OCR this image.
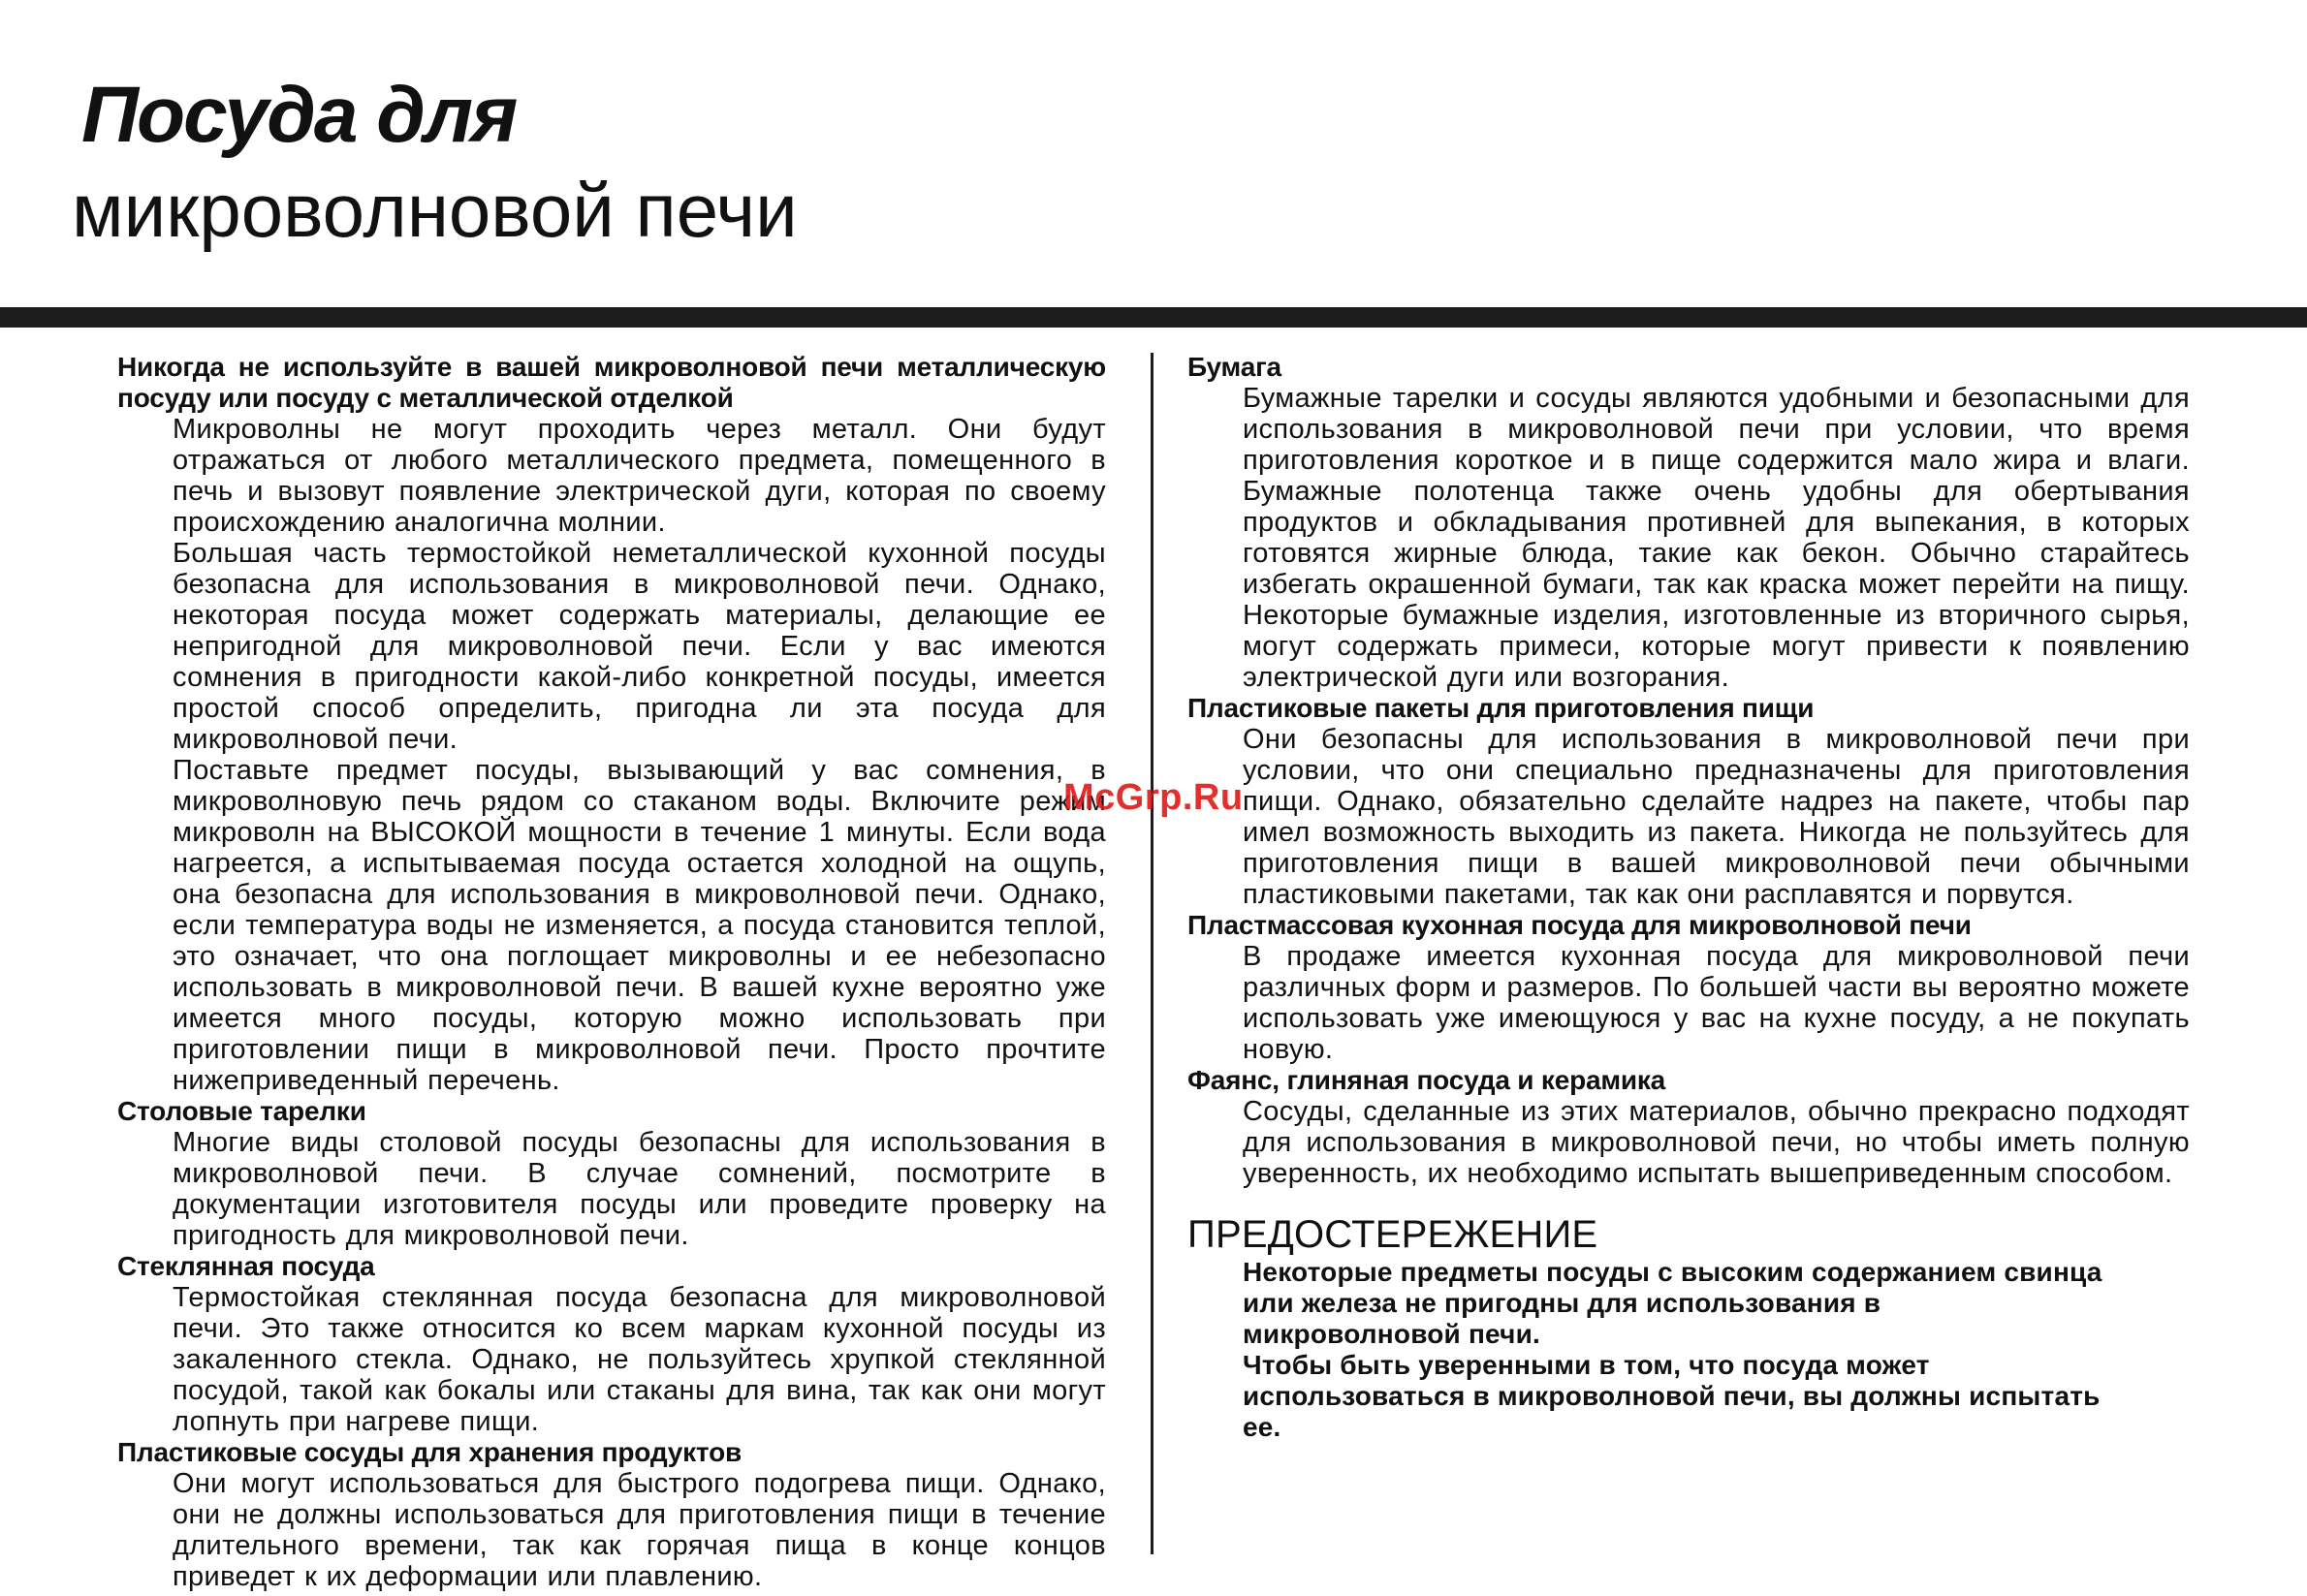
Посуда для
микроволновой печи

Никогда не используйте в вашей микроволновой печи металлическую посуду или посуду с металлической отделкой

Микроволны не могут проходить через металл. Они будут отражаться от любого металлического предмета, помещенного в печь и вызовут появление электрической дуги, которая по своему происхождению аналогична молнии.

Большая часть термостойкой неметаллической кухонной посуды безопасна для использования в микроволновой печи. Однако, некоторая посуда может содержать материалы, делающие ее непригодной для микроволновой печи. Если у вас имеются сомнения в пригодности какой-либо конкретной посуды, имеется простой способ определить, пригодна ли эта посуда для микроволновой печи.

Поставьте предмет посуды, вызывающий у вас сомнения, в микроволновую печь рядом со стаканом воды. Включите режим микроволн на ВЫСОКОЙ мощности в течение 1 минуты. Если вода нагреется, а испытываемая посуда остается холодной на ощупь, она безопасна для использования в микроволновой печи. Однако, если температура воды не изменяется, а посуда становится теплой, это означает, что она поглощает микроволны и ее небезопасно использовать в микроволновой печи. В вашей кухне вероятно уже имеется много посуды, которую можно использовать при приготовлении пищи в микроволновой печи. Просто прочтите нижеприведенный перечень.

Столовые тарелки

Многие виды столовой посуды безопасны для использования в микроволновой печи. В случае сомнений, посмотрите в документации изготовителя посуды или проведите проверку на пригодность для микроволновой печи.

Стеклянная посуда

Термостойкая стеклянная посуда безопасна для микроволновой печи. Это также относится ко всем маркам кухонной посуды из закаленного стекла. Однако, не пользуйтесь хрупкой стеклянной посудой, такой как бокалы или стаканы для вина, так как они могут лопнуть при нагреве пищи.

Пластиковые сосуды для хранения продуктов

Они могут использоваться для быстрого подогрева пищи. Однако, они не должны использоваться для приготовления пищи в течение длительного времени, так как горячая пища в конце концов приведет к их деформации или плавлению.

Бумага

Бумажные тарелки и сосуды являются удобными и безопасными для использования в микроволновой печи при условии, что время приготовления короткое и в пище содержится мало жира и влаги. Бумажные полотенца также очень удобны для обертывания продуктов и обкладывания противней для выпекания, в которых готовятся жирные блюда, такие как бекон. Обычно старайтесь избегать окрашенной бумаги, так как краска может перейти на пищу. Некоторые бумажные изделия, изготовленные из вторичного сырья, могут содержать примеси, которые могут привести к появлению электрической дуги или возгорания.

Пластиковые пакеты для приготовления пищи

Они безопасны для использования в микроволновой печи при условии, что они специально предназначены для приготовления пищи. Однако, обязательно сделайте надрез на пакете, чтобы пар имел возможность выходить из пакета. Никогда не пользуйтесь для приготовления пищи в вашей микроволновой печи обычными пластиковыми пакетами, так как они расплавятся и порвутся.

Пластмассовая кухонная посуда для микроволновой печи

В продаже имеется кухонная посуда для микроволновой печи различных форм и размеров. По большей части вы вероятно можете использовать уже имеющуюся у вас на кухне посуду, а не покупать новую.

Фаянс, глиняная посуда и керамика

Сосуды, сделанные из этих материалов, обычно прекрасно подходят для использования в микроволновой печи, но чтобы иметь полную уверенность, их необходимо испытать вышеприведенным способом.

ПРЕДОСТЕРЕЖЕНИЕ

Некоторые предметы посуды с высоким содержанием свинца или железа не пригодны для использования в микроволновой печи.

Чтобы быть уверенными в том, что посуда может использоваться в микроволновой печи, вы должны испытать ее.

McGrp.Ru
